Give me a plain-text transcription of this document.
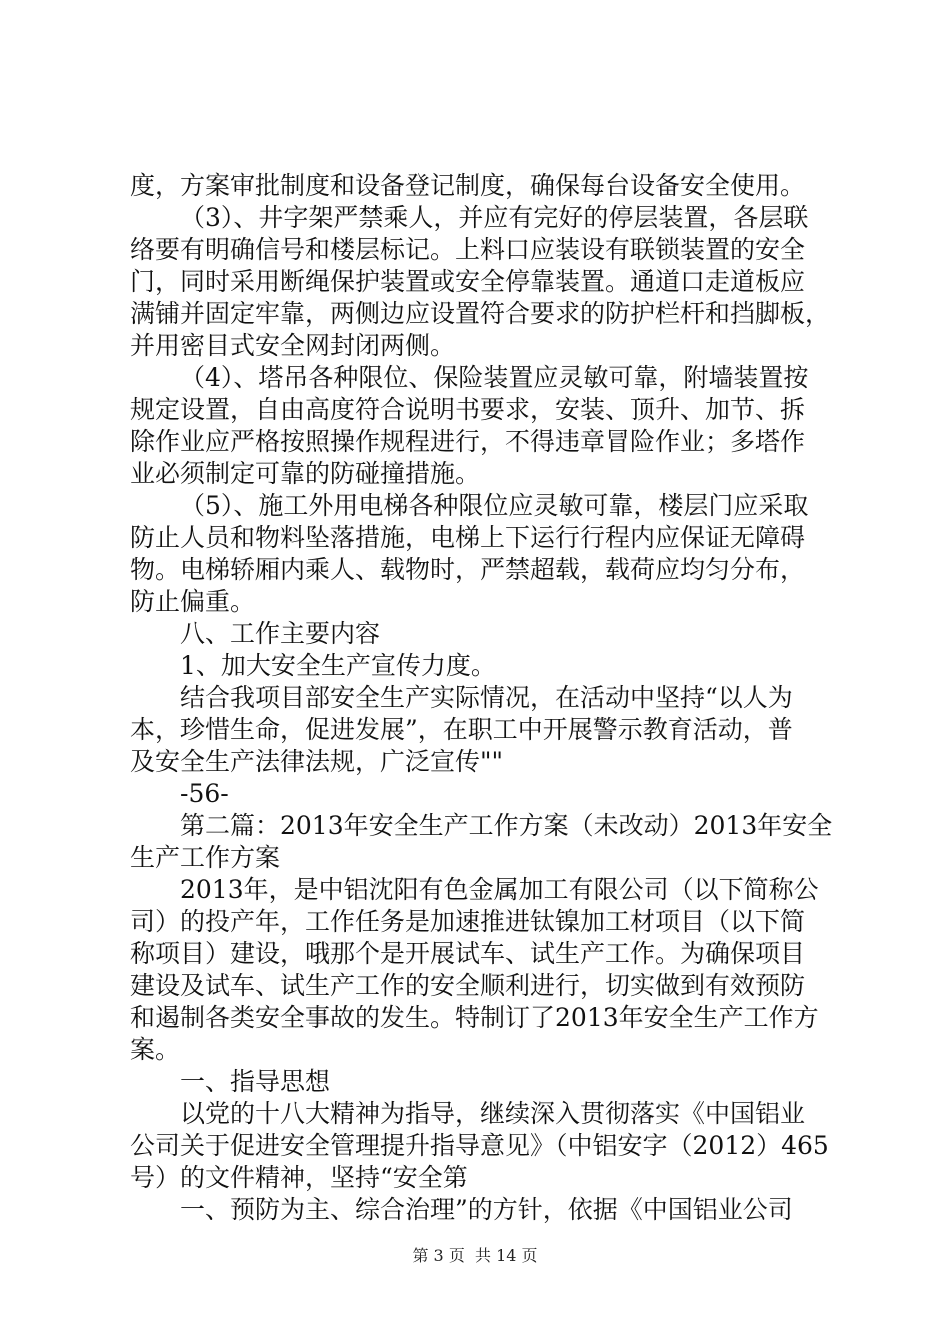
度，方案审批制度和设备登记制度，确保每台设备安全使用。
（3）、井字架严禁乘人，并应有完好的停层装置，各层联
络要有明确信号和楼层标记。上料口应装设有联锁装置的安全
门，同时采用断绳保护装置或安全停靠装置。通道口走道板应
满铺并固定牢靠，两侧边应设置符合要求的防护栏杆和挡脚板，
并用密目式安全网封闭两侧。
（4）、塔吊各种限位、保险装置应灵敏可靠，附墙装置按
规定设置，自由高度符合说明书要求，安装、顶升、加节、拆
除作业应严格按照操作规程进行，不得违章冒险作业；多塔作
业必须制定可靠的防碰撞措施。
（5）、施工外用电梯各种限位应灵敏可靠，楼层门应采取
防止人员和物料坠落措施，电梯上下运行行程内应保证无障碍
物。电梯轿厢内乘人、载物时，严禁超载，载荷应均匀分布，
防止偏重。
八、工作主要内容
1、加大安全生产宣传力度。
结合我项目部安全生产实际情况，在活动中坚持“以人为
本，珍惜生命，促进发展”，在职工中开展警示教育活动，普
及安全生产法律法规，广泛宣传""
-56-
第二篇：2013年安全生产工作方案（未改动）2013年安全
生产工作方案
2013年，是中铝沈阳有色金属加工有限公司（以下简称公
司）的投产年，工作任务是加速推进钛镍加工材项目（以下简
称项目）建设，哦那个是开展试车、试生产工作。为确保项目
建设及试车、试生产工作的安全顺利进行，切实做到有效预防
和遏制各类安全事故的发生。特制订了2013年安全生产工作方
案。
一、指导思想
以党的十八大精神为指导，继续深入贯彻落实《中国铝业
公司关于促进安全管理提升指导意见》（中铝安字（2012）465
号）的文件精神，坚持“安全第
一、预防为主、综合治理”的方针，依据《中国铝业公司
第 3 页  共 14 页
